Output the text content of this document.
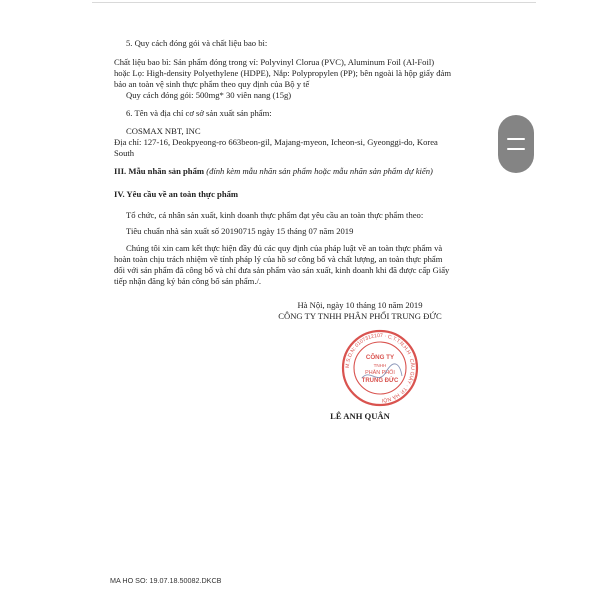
5. Quy cách đóng gói và chất liệu bao bì:
Chất liệu bao bì: Sản phẩm đóng trong vỉ: Polyvinyl Clorua (PVC), Aluminum Foil (Al-Foil)
hoặc Lọ: High-density Polyethylene (HDPE), Nắp: Polypropylen (PP); bên ngoài là hộp giấy đảm
bảo an toàn vệ sinh thực phẩm theo quy định của Bộ y tế
Quy cách đóng gói: 500mg* 30 viên nang (15g)
6. Tên và địa chỉ cơ sở sản xuất sản phẩm:
COSMAX NBT, INC
Địa chỉ: 127-16, Deokpyeong-ro 663beon-gil, Majang-myeon, Icheon-si, Gyeonggi-do, Korea
South
III. Mẫu nhãn sản phẩm (đính kèm mẫu nhãn sản phẩm hoặc mẫu nhãn sản phẩm dự kiến)
IV. Yêu cầu về an toàn thực phẩm
Tổ chức, cá nhân sản xuất, kinh doanh thực phẩm đạt yêu cầu an toàn thực phẩm theo:
Tiêu chuẩn nhà sản xuất số 20190715 ngày 15 tháng 07 năm 2019
Chúng tôi xin cam kết thực hiện đầy đủ các quy định của pháp luật về an toàn thực phẩm và
hoàn toàn chịu trách nhiệm về tính pháp lý của hồ sơ công bố và chất lượng, an toàn thực phẩm
đối với sản phẩm đã công bố và chỉ đưa sản phẩm vào sản xuất, kinh doanh khi đã được cấp Giấy
tiếp nhận đăng ký bản công bố sản phẩm./.
Hà Nội, ngày 10 tháng 10 năm 2019
CÔNG TY TNHH PHÂN PHỐI TRUNG ĐỨC
M.S.D.N: 0107312107 · C.T.T.N.H.H · CẦU GIẤY · TP. HÀ NỘI
CÔNG TY
TNHH
PHÂN PHỐI
TRUNG ĐỨC
LÊ ANH QUÂN
MA HO SO: 19.07.18.50082.DKCB
